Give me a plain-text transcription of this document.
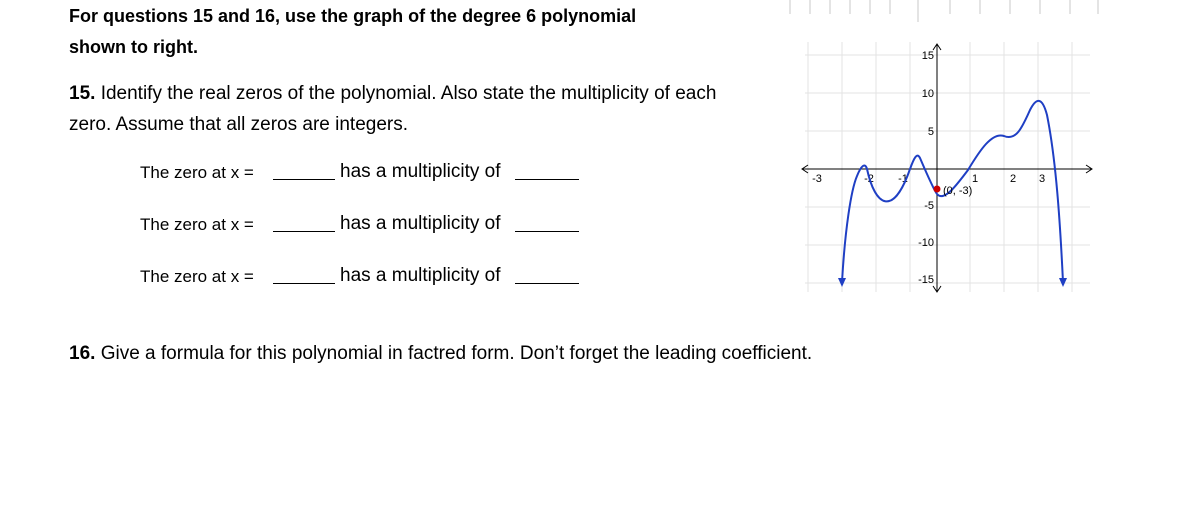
For questions 15 and 16, use the graph of the degree 6 polynomial
shown to right.
15. Identify the real zeros of the polynomial. Also state the multiplicity of each
zero. Assume that all zeros are integers.
The zero at x =	has a multiplicity of
The zero at x =	has a multiplicity of
The zero at x =	has a multiplicity of
16. Give a formula for this polynomial in factred form. Don’t forget the leading coefficient.
-3	-2 -1	1	2 3
15
10
5
-5
-10
-15
(0, -3)
